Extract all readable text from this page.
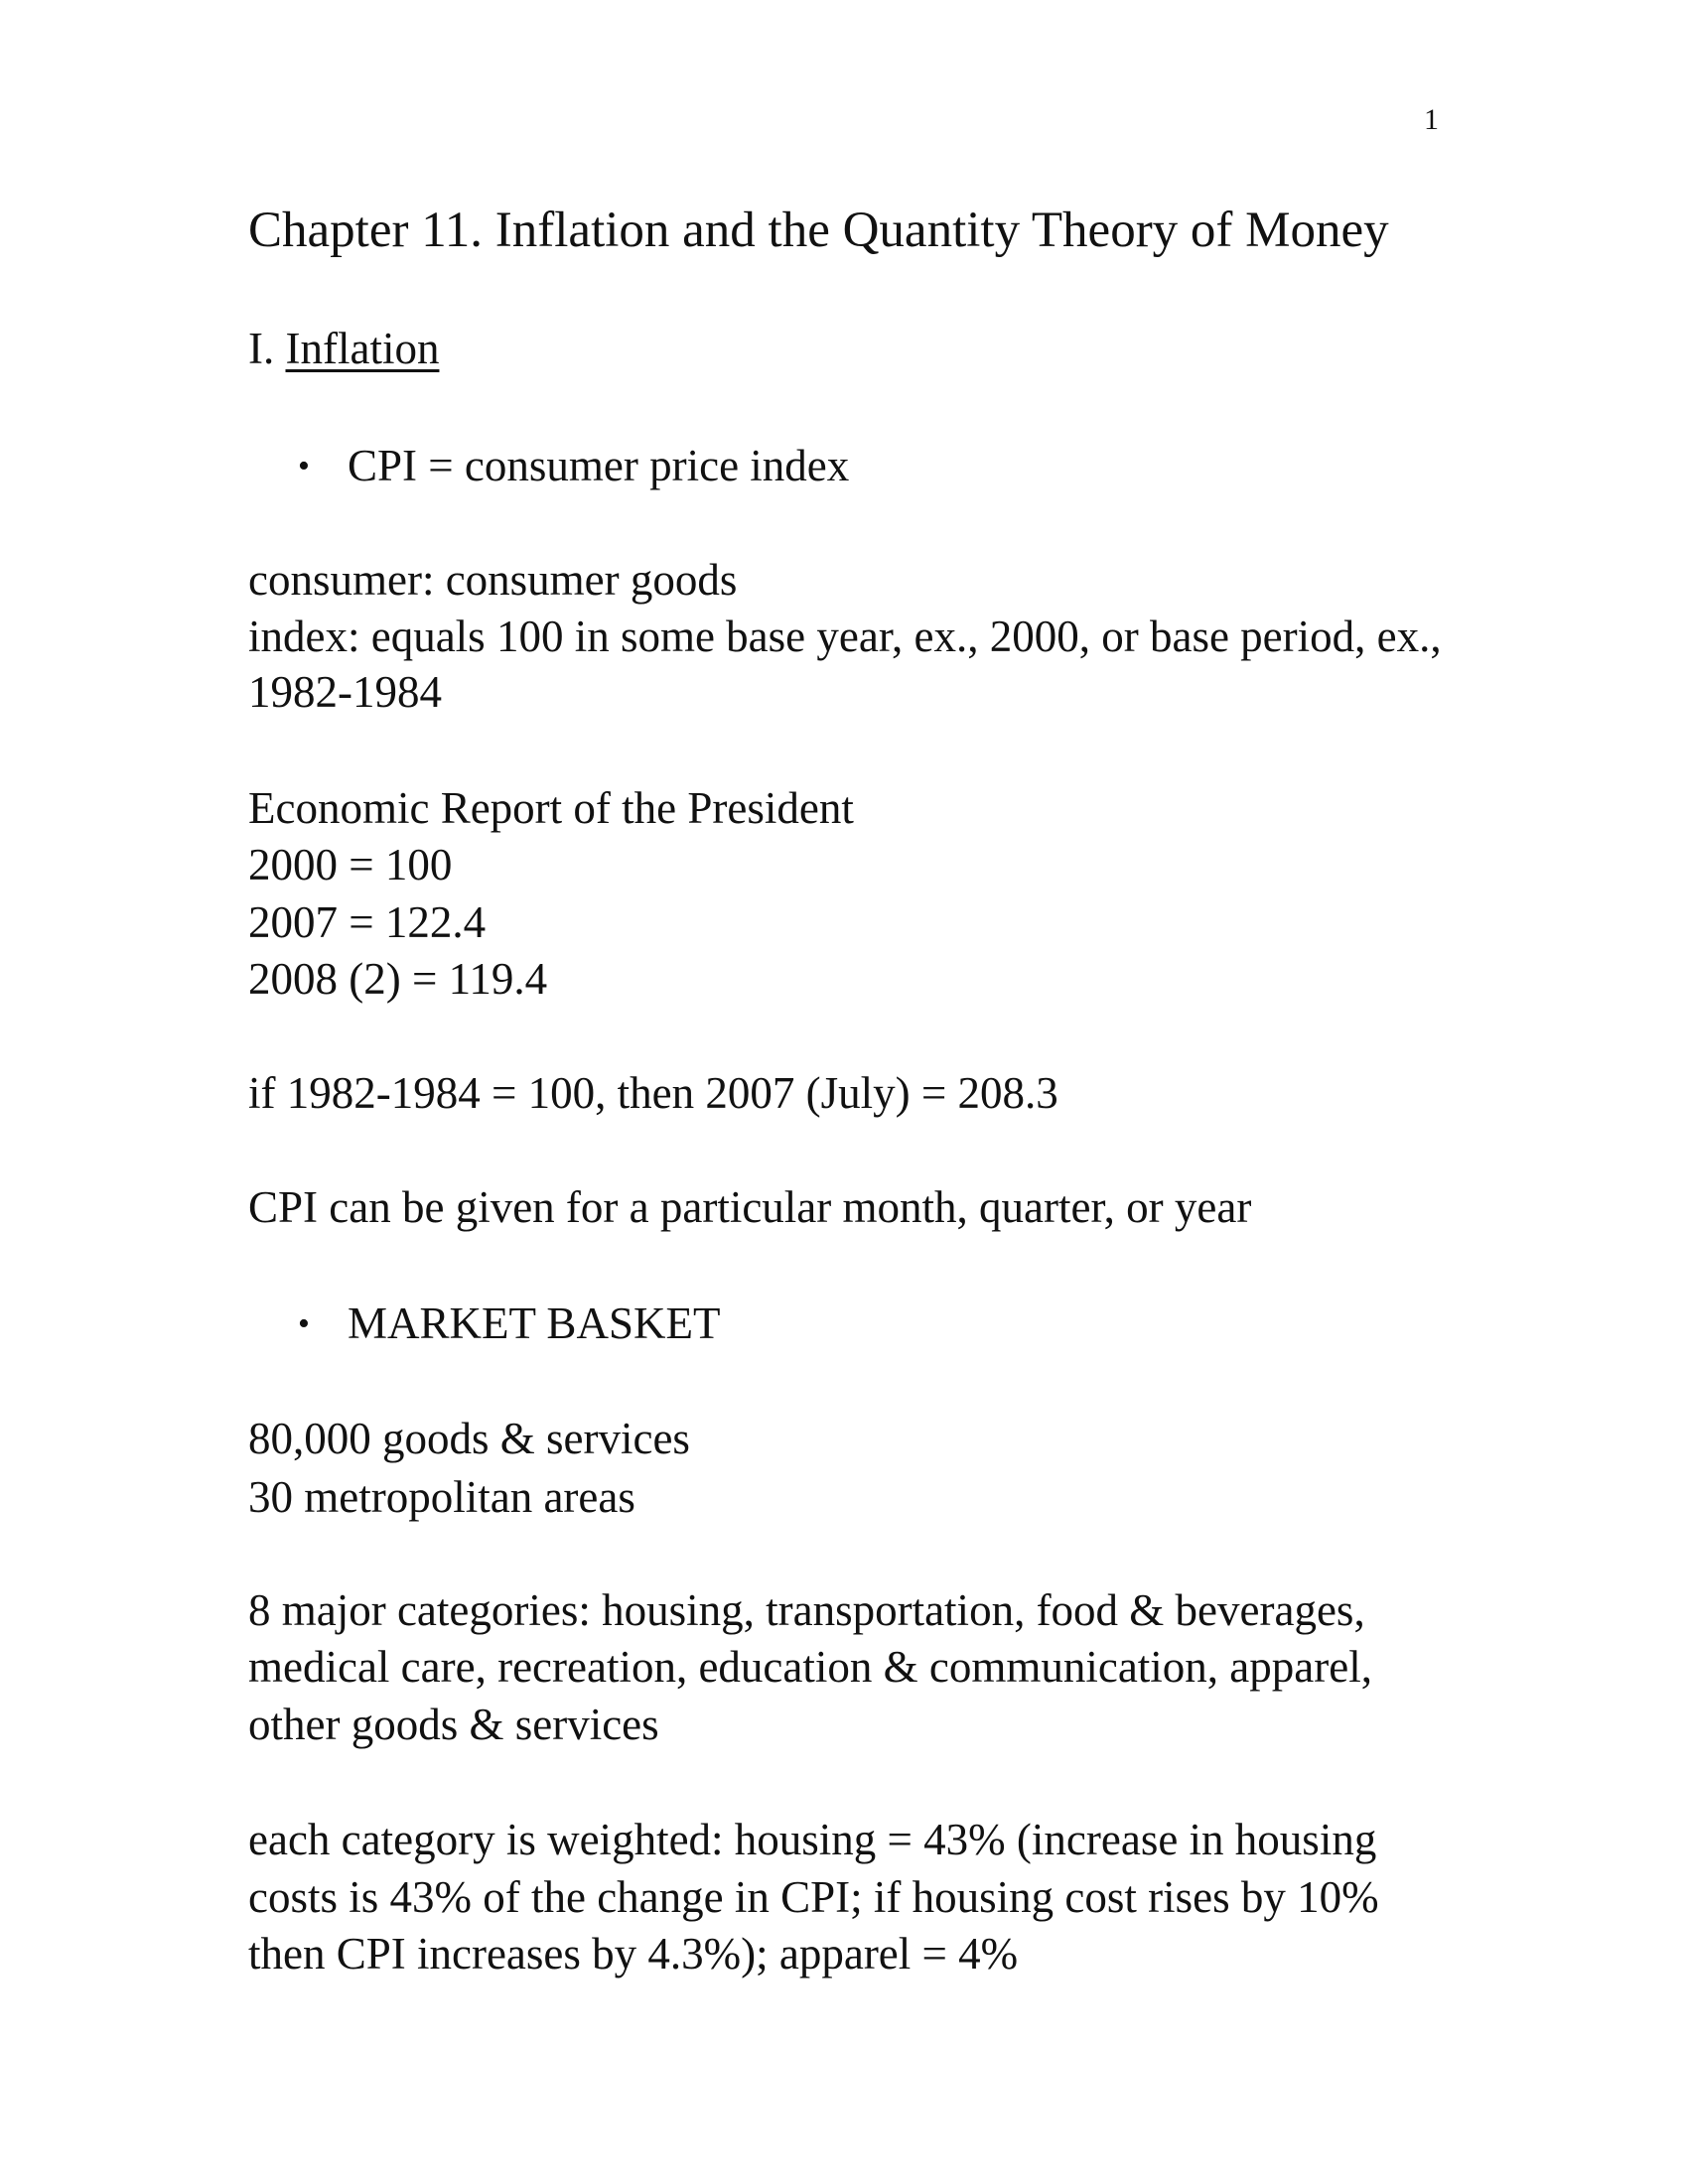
1
Chapter 11. Inflation and the Quantity Theory of Money
I. Inflation
• CPI = consumer price index
consumer: consumer goods
index: equals 100 in some base year, ex., 2000, or base period, ex.,
1982-1984
Economic Report of the President
2000 = 100
2007 = 122.4
2008 (2) = 119.4
if 1982-1984 = 100, then 2007 (July) = 208.3
CPI can be given for a particular month, quarter, or year
• MARKET BASKET
80,000 goods & services
30 metropolitan areas
8 major categories: housing, transportation, food & beverages,
medical care, recreation, education & communication, apparel,
other goods & services
each category is weighted: housing = 43% (increase in housing
costs is 43% of the change in CPI; if housing cost rises by 10%
then CPI increases by 4.3%); apparel = 4%
